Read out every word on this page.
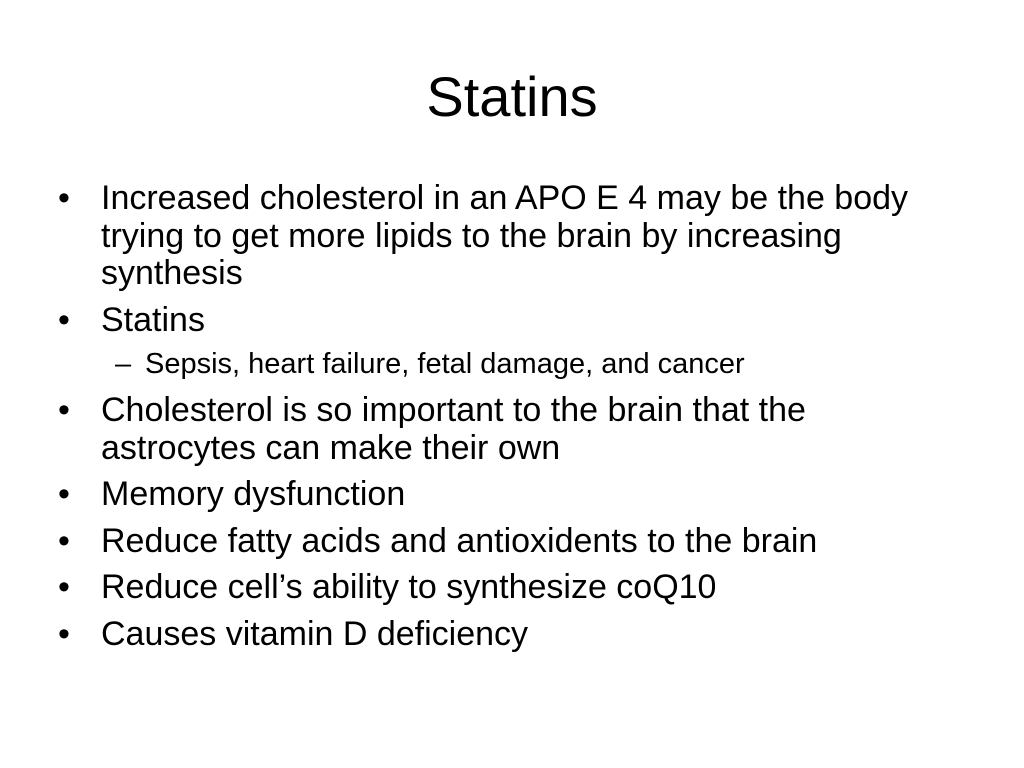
Statins
• Increased cholesterol in an APO E 4 may be the body trying to get more lipids to the brain by increasing synthesis
• Statins
– Sepsis, heart failure, fetal damage, and cancer
• Cholesterol is so important to the brain that the astrocytes can make their own
• Memory dysfunction
• Reduce fatty acids and antioxidents to the brain
• Reduce cell’s ability to synthesize coQ10
• Causes vitamin D deficiency
